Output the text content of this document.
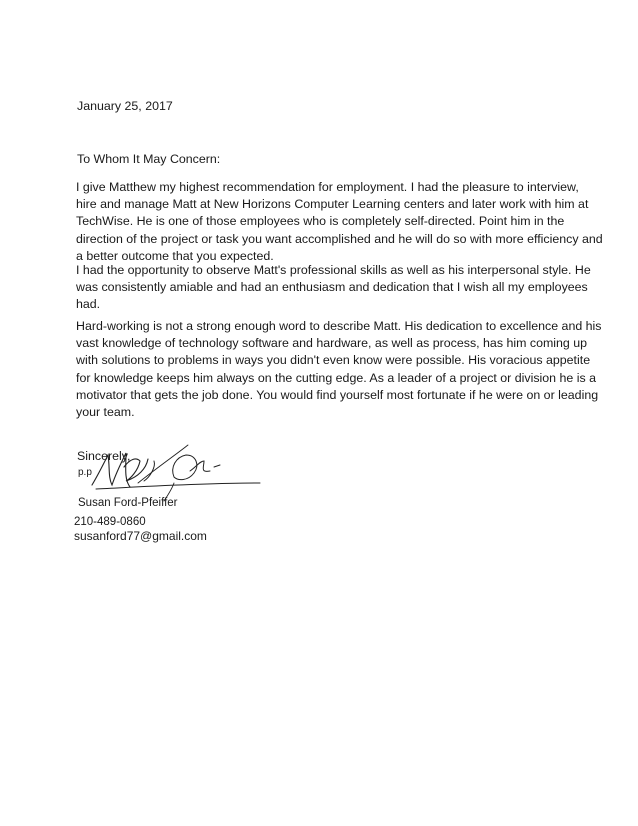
January 25, 2017

To Whom It May Concern:

I give Matthew my highest recommendation for employment. I had the pleasure to interview,
hire and manage Matt at New Horizons Computer Learning centers and later work with him at
TechWise. He is one of those employees who is completely self-directed. Point him in the
direction of the project or task you want accomplished and he will do so with more efficiency and
a better outcome that you expected.
I had the opportunity to observe Matt's professional skills as well as his interpersonal style. He
was consistently amiable and had an enthusiasm and dedication that I wish all my employees
had.
Hard-working is not a strong enough word to describe Matt. His dedication to excellence and his
vast knowledge of technology software and hardware, as well as process, has him coming up
with solutions to problems in ways you didn't even know were possible. His voracious appetite
for knowledge keeps him always on the cutting edge. As a leader of a project or division he is a
motivator that gets the job done. You would find yourself most fortunate if he were on or leading
your team.

Sincerely,

p.p
Susan Ford-Pfeiffer
210-489-0860
susanford77@gmail.com
